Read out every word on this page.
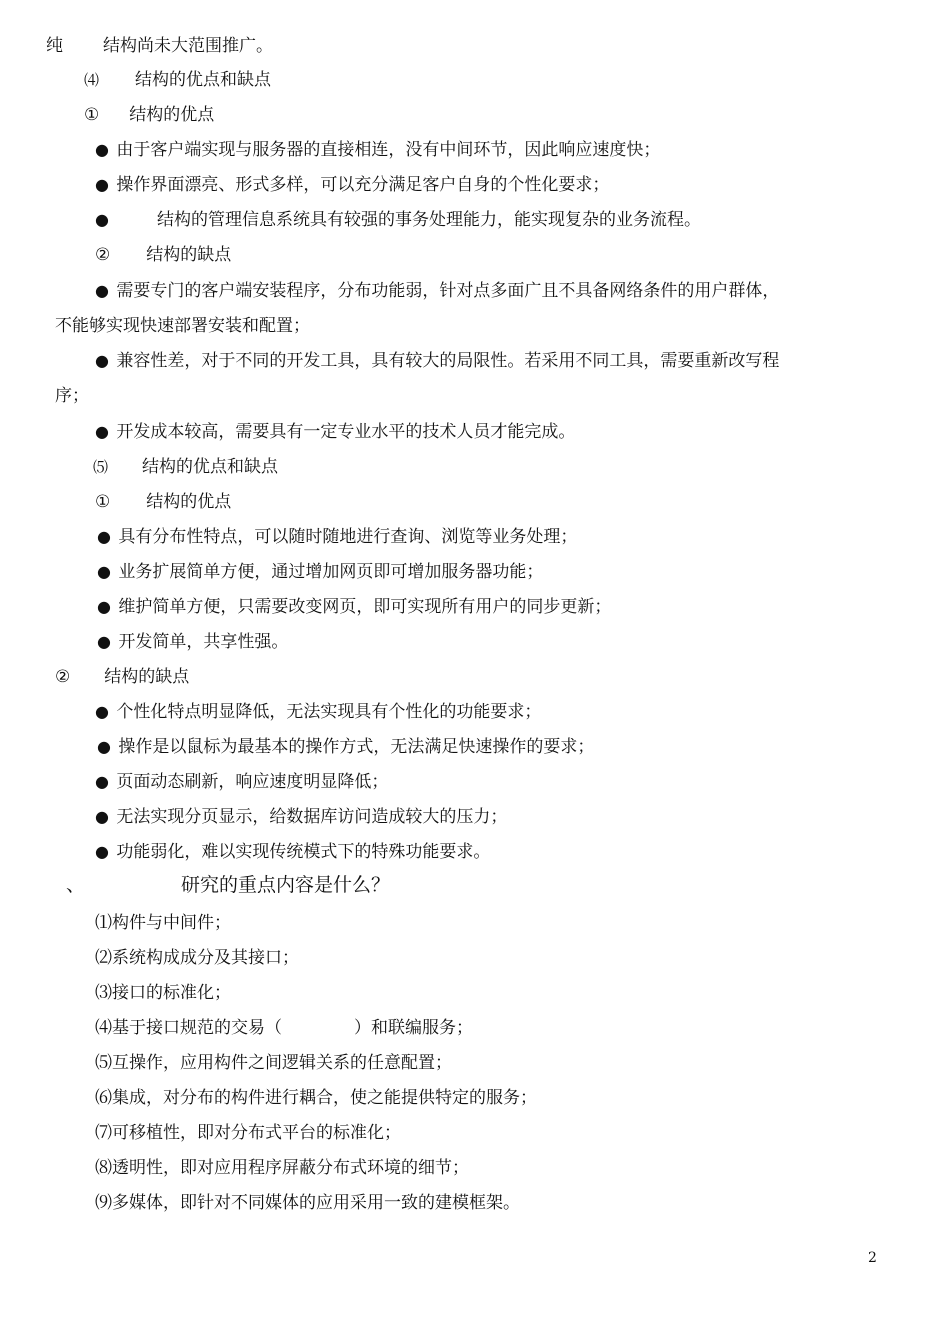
纯 结构尚未大范围推广。
⑷ 结构的优点和缺点
① 结构的优点
● 由于客户端实现与服务器的直接相连，没有中间环节，因此响应速度快；
● 操作界面漂亮、形式多样，可以充分满足客户自身的个性化要求；
●	结构的管理信息系统具有较强的事务处理能力，能实现复杂的业务流程。
② 结构的缺点
● 需要专门的客户端安装程序，分布功能弱，针对点多面广且不具备网络条件的用户群体，
不能够实现快速部署安装和配置；
● 兼容性差，对于不同的开发工具，具有较大的局限性。若采用不同工具，需要重新改写程
序；
● 开发成本较高，需要具有一定专业水平的技术人员才能完成。
⑸ 结构的优点和缺点
① 结构的优点
● 具有分布性特点，可以随时随地进行查询、浏览等业务处理；
● 业务扩展简单方便，通过增加网页即可增加服务器功能；
● 维护简单方便，只需要改变网页，即可实现所有用户的同步更新；
● 开发简单，共享性强。
② 结构的缺点
● 个性化特点明显降低，无法实现具有个性化的功能要求；
● 操作是以鼠标为最基本的操作方式，无法满足快速操作的要求；
● 页面动态刷新，响应速度明显降低；
● 无法实现分页显示，给数据库访问造成较大的压力；
● 功能弱化，难以实现传统模式下的特殊功能要求。
、	研究的重点内容是什么？
⑴构件与中间件；
⑵系统构成成分及其接口；
⑶接口的标准化；
⑷基于接口规范的交易（	）和联编服务；
⑸互操作，应用构件之间逻辑关系的任意配置；
⑹集成，对分布的构件进行耦合，使之能提供特定的服务；
⑺可移植性，即对分布式平台的标准化；
⑻透明性，即对应用程序屏蔽分布式环境的细节；
⑼多媒体，即针对不同媒体的应用采用一致的建模框架。
2
